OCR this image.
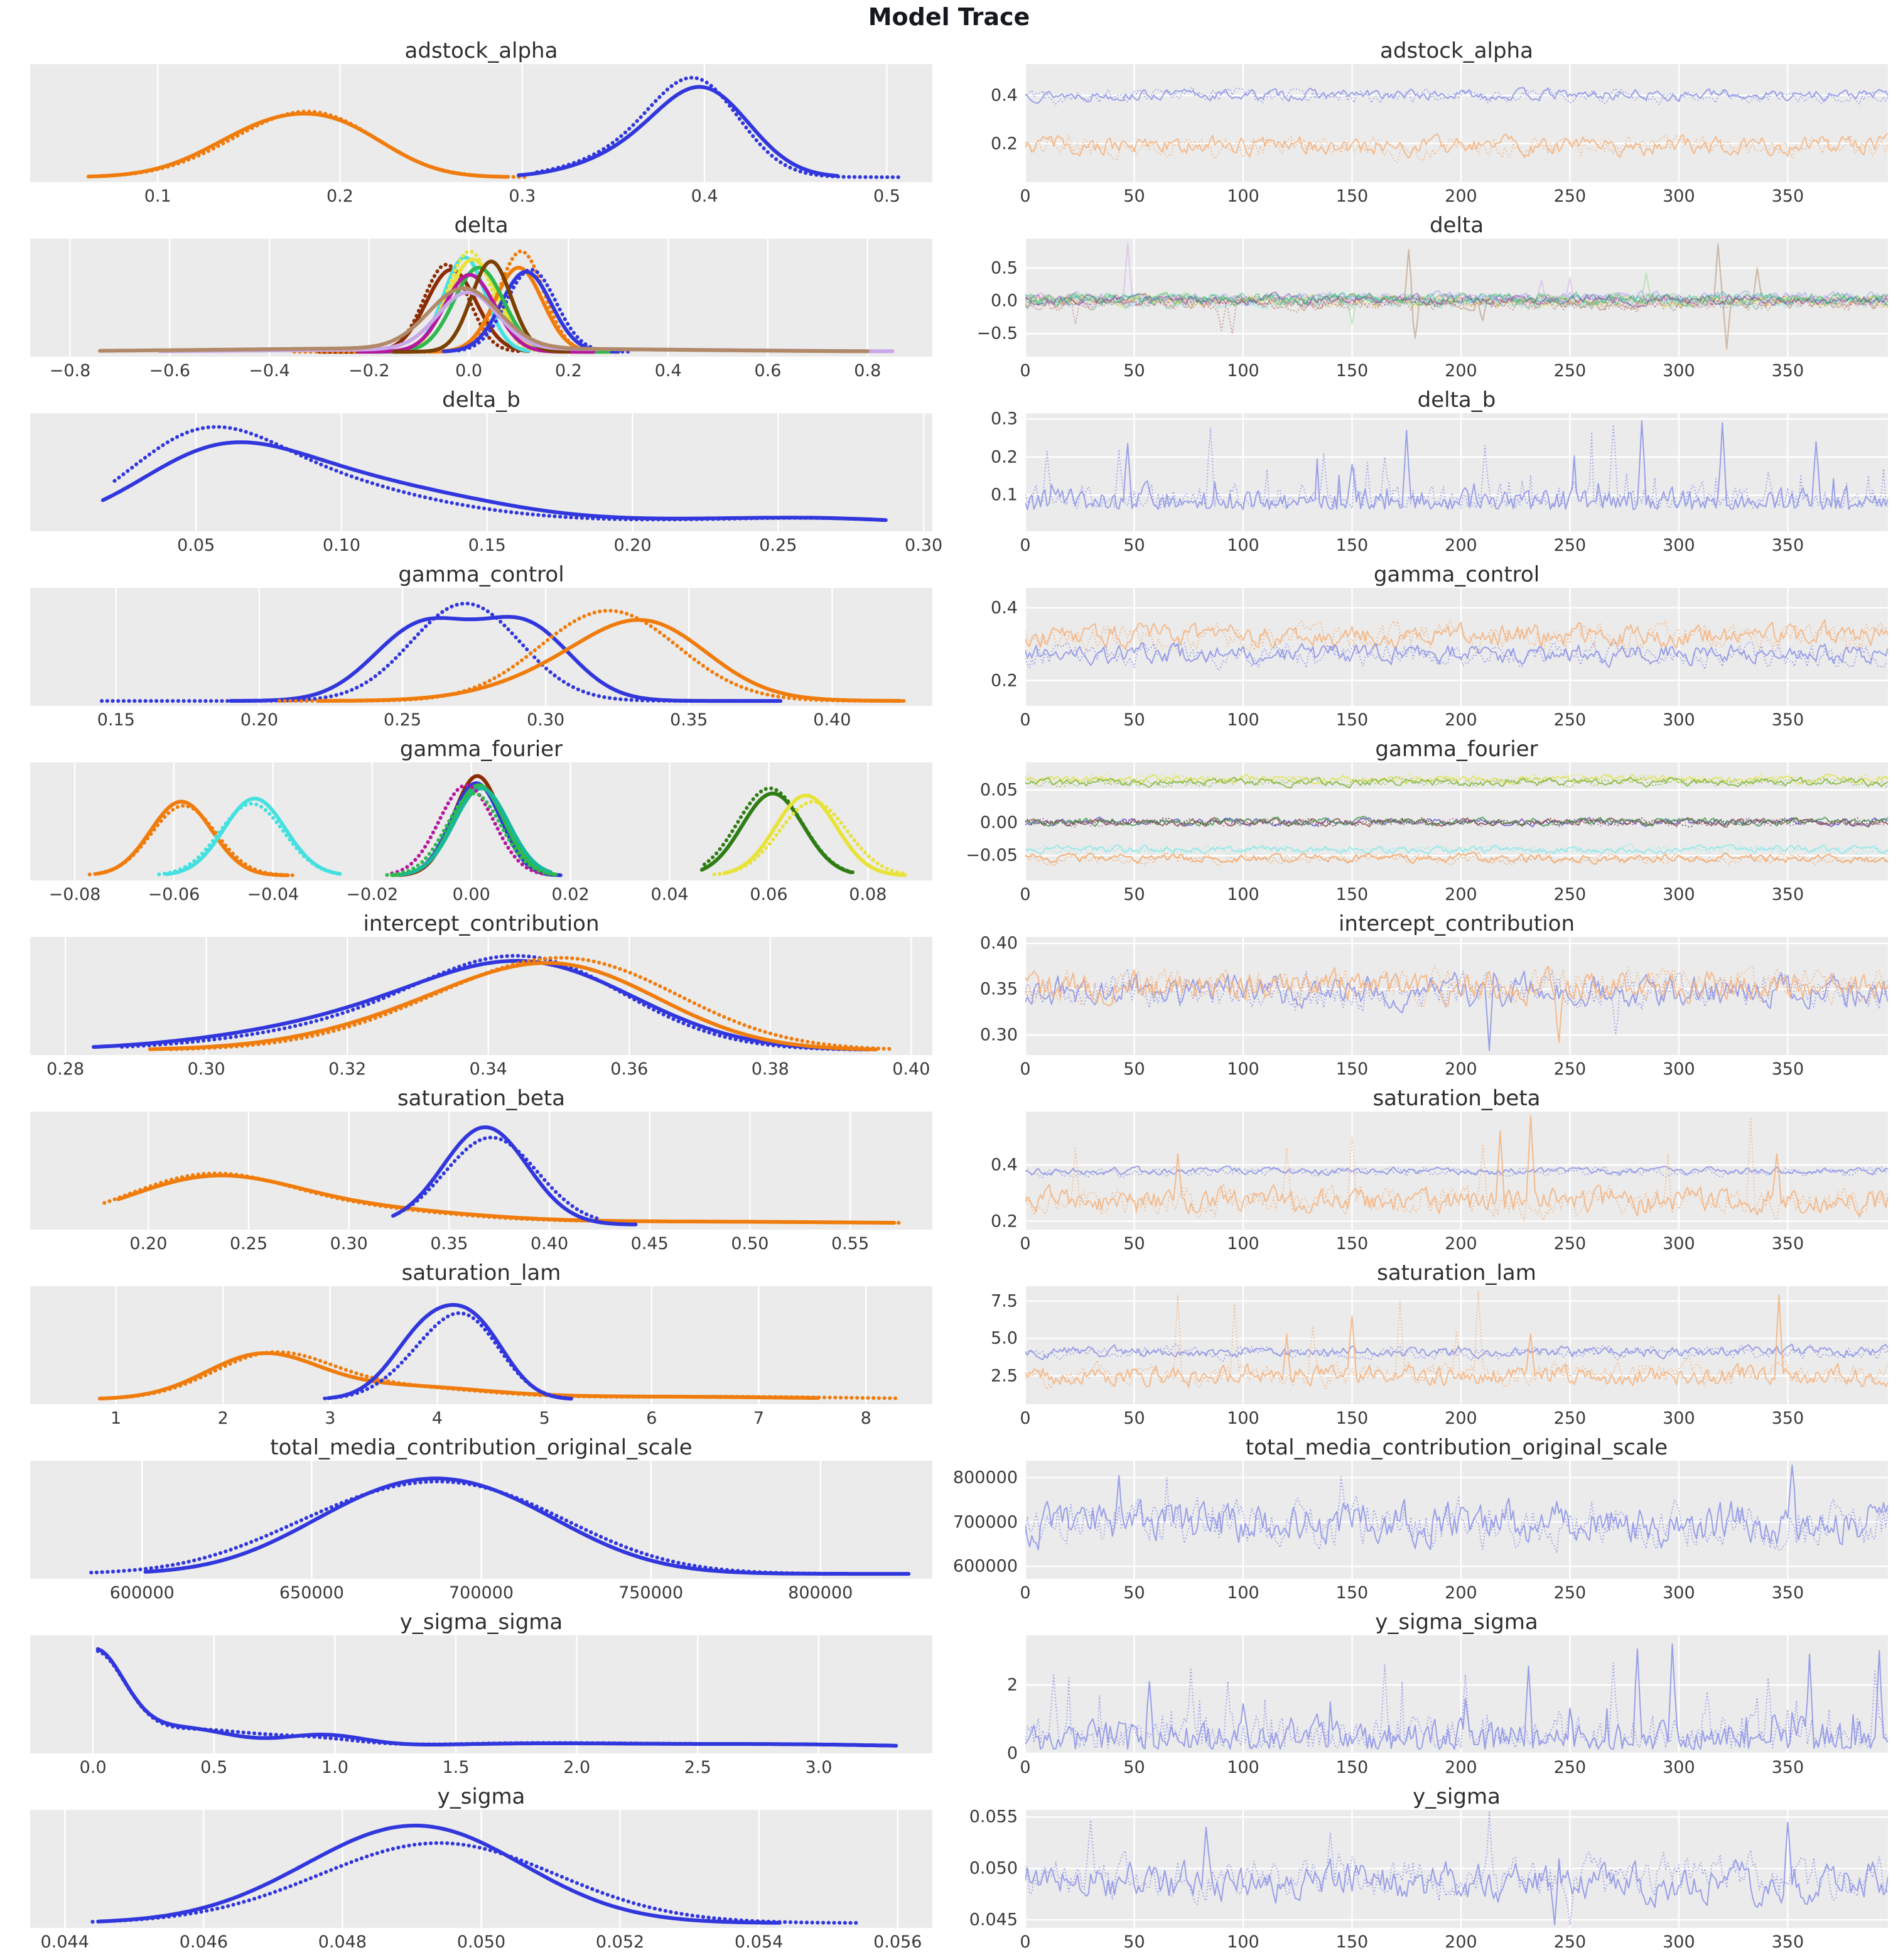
Model Trace
adstock_alpha
0.1	0.2	0.3	0.4	0.5
adstock_alpha
0.2
0.4
0	50	100	150	200	250	300	350
delta
−0.8	−0.6	−0.4	−0.2	0.0	0.2	0.4	0.6	0.8
delta
−0.5
0.0
0.5
0	50	100	150	200	250	300	350
delta_b
0.05	0.10	0.15	0.20	0.25	0.30
delta_b
0.1
0.2
0.3
0	50	100	150	200	250	300	350
gamma_control
0.15	0.20	0.25	0.30	0.35	0.40
gamma_control
0.2
0.4
0	50	100	150	200	250	300	350
gamma_fourier
−0.08	−0.06	−0.04	−0.02	0.00	0.02	0.04	0.06	0.08
gamma_fourier
0.05
0.00
−0.05
0	50	100	150	200	250	300	350
intercept_contribution
0.28	0.30	0.32	0.34	0.36	0.38	0.40
intercept_contribution
0.30
0.35
0.40
0	50	100	150	200	250	300	350
saturation_beta
0.20	0.25	0.30	0.35	0.40	0.45	0.50	0.55
saturation_beta
0.2
0.4
0	50	100	150	200	250	300	350
saturation_lam
1	2	3	4	5	6	7	8
saturation_lam
2.5
5.0
7.5
0	50	100	150	200	250	300	350
total_media_contribution_original_scale
600000	650000	700000	750000	800000
total_media_contribution_original_scale
600000
700000
800000
0	50	100	150	200	250	300	350
y_sigma_sigma
0.0	0.5	1.0	1.5	2.0	2.5	3.0
y_sigma_sigma
0
2
0	50	100	150	200	250	300	350
y_sigma
0.044	0.046	0.048	0.050	0.052	0.054	0.056
y_sigma
0.045
0.050
0.055
0	50	100	150	200	250	300	350
